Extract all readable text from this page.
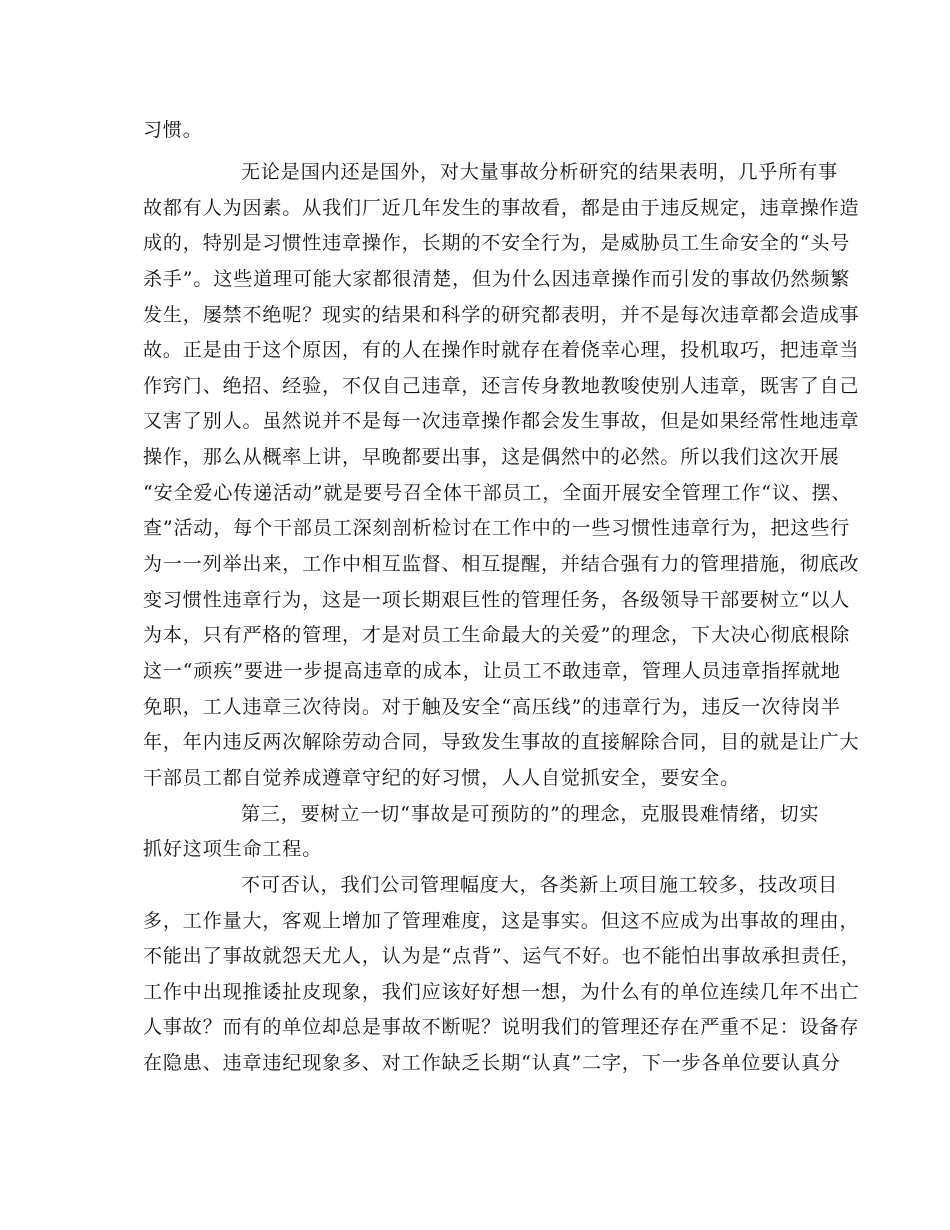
习惯。
无论是国内还是国外，对大量事故分析研究的结果表明，几乎所有事
故都有人为因素。从我们厂近几年发生的事故看，都是由于违反规定，违章操作造
成的，特别是习惯性违章操作，长期的不安全行为，是威胁员工生命安全的“头号
杀手”。这些道理可能大家都很清楚，但为什么因违章操作而引发的事故仍然频繁
发生，屡禁不绝呢？现实的结果和科学的研究都表明，并不是每次违章都会造成事
故。正是由于这个原因，有的人在操作时就存在着侥幸心理，投机取巧，把违章当
作窍门、绝招、经验，不仅自己违章，还言传身教地教唆使别人违章，既害了自己
又害了别人。虽然说并不是每一次违章操作都会发生事故，但是如果经常性地违章
操作，那么从概率上讲，早晚都要出事，这是偶然中的必然。所以我们这次开展
“安全爱心传递活动”就是要号召全体干部员工，全面开展安全管理工作“议、摆、
查”活动，每个干部员工深刻剖析检讨在工作中的一些习惯性违章行为，把这些行
为一一列举出来，工作中相互监督、相互提醒，并结合强有力的管理措施，彻底改
变习惯性违章行为，这是一项长期艰巨性的管理任务，各级领导干部要树立“以人
为本，只有严格的管理，才是对员工生命最大的关爱”的理念，下大决心彻底根除
这一“顽疾”要进一步提高违章的成本，让员工不敢违章，管理人员违章指挥就地
免职，工人违章三次待岗。对于触及安全“高压线”的违章行为，违反一次待岗半
年，年内违反两次解除劳动合同，导致发生事故的直接解除合同，目的就是让广大
干部员工都自觉养成遵章守纪的好习惯，人人自觉抓安全，要安全。
第三，要树立一切“事故是可预防的”的理念，克服畏难情绪，切实
抓好这项生命工程。
不可否认，我们公司管理幅度大，各类新上项目施工较多，技改项目
多，工作量大，客观上增加了管理难度，这是事实。但这不应成为出事故的理由，
不能出了事故就怨天尤人，认为是“点背”、运气不好。也不能怕出事故承担责任，
工作中出现推诿扯皮现象，我们应该好好想一想，为什么有的单位连续几年不出亡
人事故？而有的单位却总是事故不断呢？说明我们的管理还存在严重不足：设备存
在隐患、违章违纪现象多、对工作缺乏长期“认真”二字，下一步各单位要认真分
